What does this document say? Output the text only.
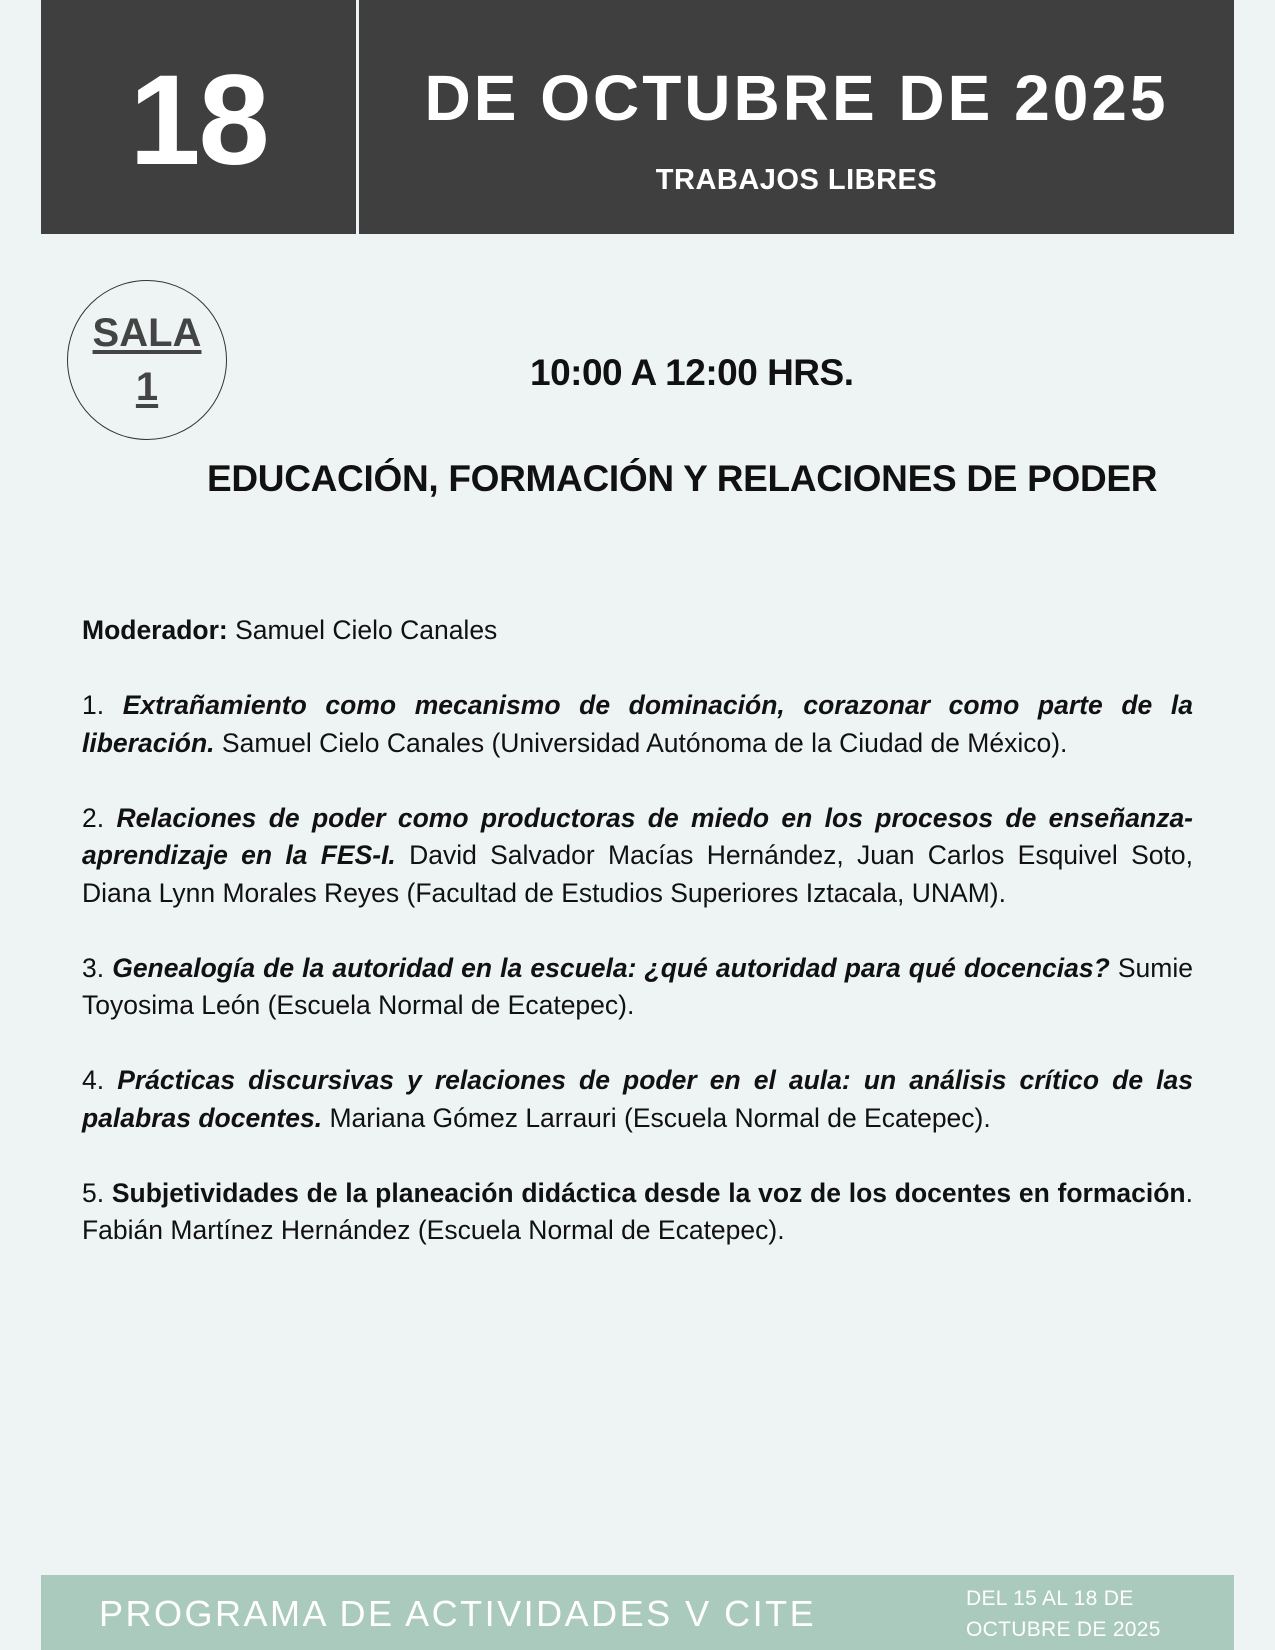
18 DE OCTUBRE DE 2025
TRABAJOS LIBRES
SALA
1	10:00 A 12:00 HRS.
EDUCACIÓN, FORMACIÓN Y RELACIONES DE PODER

Moderador: Samuel Cielo Canales

1. Extrañamiento como mecanismo de dominación, corazonar como parte de la liberación. Samuel Cielo Canales (Universidad Autónoma de la Ciudad de México).

2. Relaciones de poder como productoras de miedo en los procesos de enseñanza-aprendizaje en la FES-I. David Salvador Macías Hernández, Juan Carlos Esquivel Soto, Diana Lynn Morales Reyes (Facultad de Estudios Superiores Iztacala, UNAM).

3. Genealogía de la autoridad en la escuela: ¿qué autoridad para qué docencias? Sumie Toyosima León (Escuela Normal de Ecatepec).

4. Prácticas discursivas y relaciones de poder en el aula: un análisis crítico de las palabras docentes. Mariana Gómez Larrauri (Escuela Normal de Ecatepec).

5. Subjetividades de la planeación didáctica desde la voz de los docentes en formación. Fabián Martínez Hernández (Escuela Normal de Ecatepec).

PROGRAMA DE ACTIVIDADES V CITE	DEL 15 AL 18 DE
OCTUBRE DE 2025
